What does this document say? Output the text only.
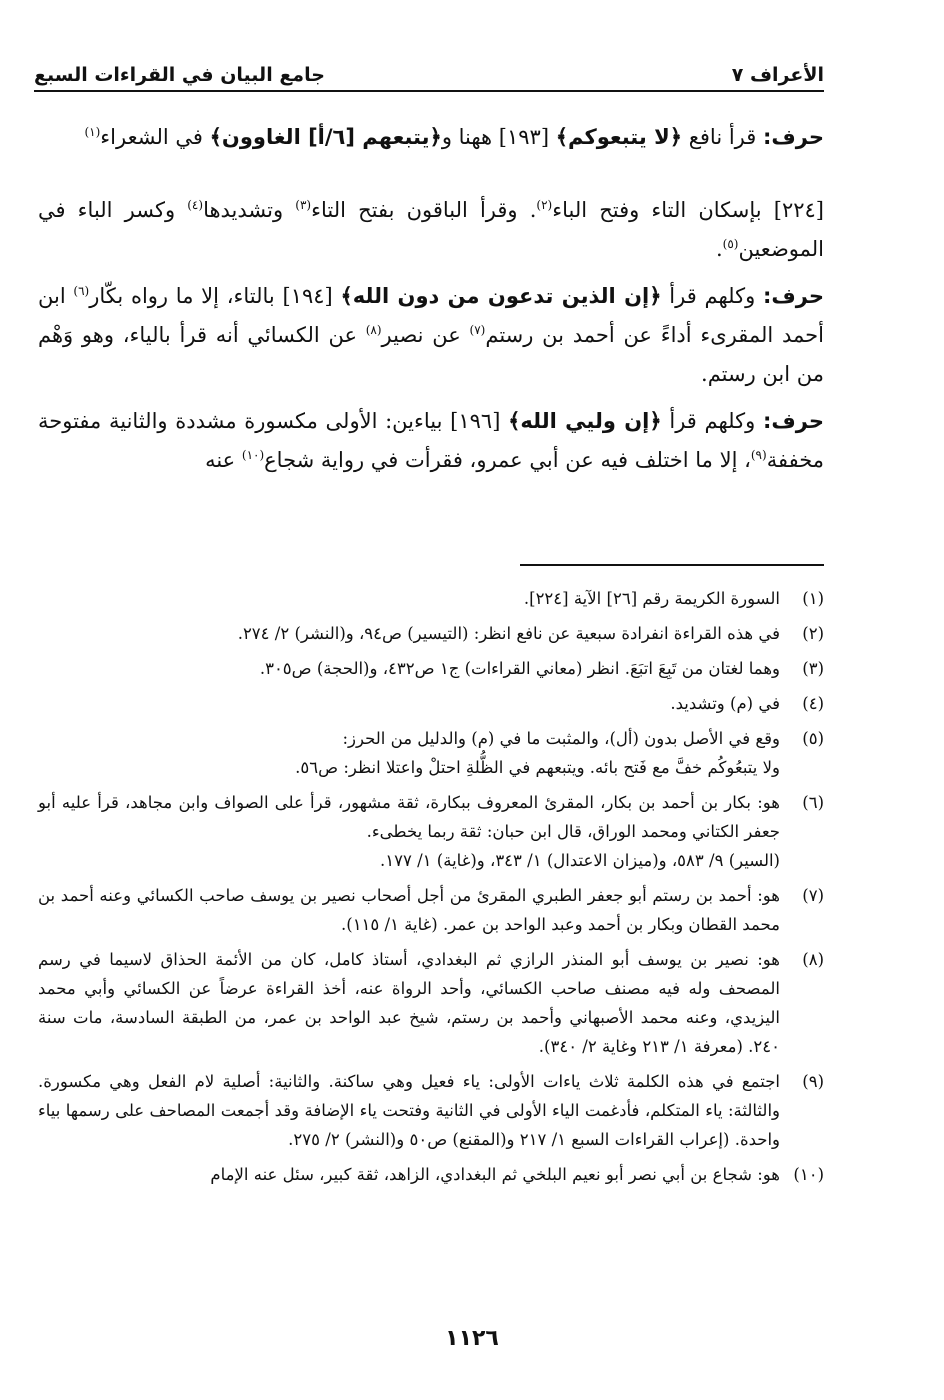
الأعراف ٧
جامع البيان في القراءات السبع

حرف: قرأ نافع ﴿لا يتبعوكم﴾ [١٩٣] ههنا و﴿يتبعهم [٦/أ] الغاوون﴾ في الشعراء$^{(١)}$

[٢٢٤] بإسكان التاء وفتح الباء$^{(٢)}$. وقرأ الباقون بفتح التاء$^{(٣)}$ وتشديدها$^{(٤)}$ وكسر الباء في الموضعين$^{(٥)}$.

حرف: وكلهم قرأ ﴿إن الذين تدعون من دون الله﴾ [١٩٤] بالتاء، إلا ما رواه بكّار$^{(٦)}$ ابن أحمد المقرىء أداءً عن أحمد بن رستم$^{(٧)}$ عن نصير$^{(٨)}$ عن الكسائي أنه قرأ بالياء، وهو وَهْم من ابن رستم.

حرف: وكلهم قرأ ﴿إن وليي الله﴾ [١٩٦] بياءين: الأولى مكسورة مشددة والثانية مفتوحة مخففة$^{(٩)}$، إلا ما اختلف فيه عن أبي عمرو، فقرأت في رواية شجاع$^{(١٠)}$ عنه

(١)
السورة الكريمة رقم [٢٦] الآية [٢٢٤].
(٢)
في هذه القراءة انفرادة سبعية عن نافع انظر: (التيسير) ص٩٤، و(النشر) ٢/ ٢٧٤.
(٣)
وهما لغتان من تَبِعَ اتبَعَ. انظر (معاني القراءات) ج١ ص٤٣٢، و(الحجة) ص٣٠٥.
(٤)
في (م) وتشديد.
(٥)
وقع في الأصل بدون (أل)، والمثبت ما في (م) والدليل من الحرز:
ولا يتبعُوكُم خفَّ مع فَتح بائه. ويتبعهم في الظُّلةِ احتلْ واعتلا انظر: ص٥٦.
(٦)
هو: بكار بن أحمد بن بكار، المقرئ المعروف ببكارة، ثقة مشهور، قرأ على الصواف وابن مجاهد، قرأ عليه أبو جعفر الكتاني ومحمد الوراق، قال ابن حبان: ثقة ربما يخطىء.
(السير) ٩/ ٥٨٣، و(ميزان الاعتدال) ١/ ٣٤٣، و(غاية) ١/ ١٧٧.
(٧)
هو: أحمد بن رستم أبو جعفر الطبري المقرئ من أجل أصحاب نصير بن يوسف صاحب الكسائي وعنه أحمد بن محمد القطان وبكار بن أحمد وعبد الواحد بن عمر. (غاية ١/ ١١٥).
(٨)
هو: نصير بن يوسف أبو المنذر الرازي ثم البغدادي، أستاذ كامل، كان من الأئمة الحذاق لاسيما في رسم المصحف وله فيه مصنف صاحب الكسائي، وأحد الرواة عنه، أخذ القراءة عرضاً عن الكسائي وأبي محمد اليزيدي، وعنه محمد الأصبهاني وأحمد بن رستم، شيخ عبد الواحد بن عمر، من الطبقة السادسة، مات سنة ٢٤٠. (معرفة ١/ ٢١٣ وغاية ٢/ ٣٤٠).
(٩)
اجتمع في هذه الكلمة ثلاث ياءات الأولى: ياء فعيل وهي ساكنة. والثانية: أصلية لام الفعل وهي مكسورة. والثالثة: ياء المتكلم، فأدغمت الياء الأولى في الثانية وفتحت ياء الإضافة وقد أجمعت المصاحف على رسمها بياء واحدة. (إعراب القراءات السبع ١/ ٢١٧ و(المقنع) ص٥٠ و(النشر) ٢/ ٢٧٥.
(١٠)
هو: شجاع بن أبي نصر أبو نعيم البلخي ثم البغدادي، الزاهد، ثقة كبير، سئل عنه الإمام
١١٢٦
